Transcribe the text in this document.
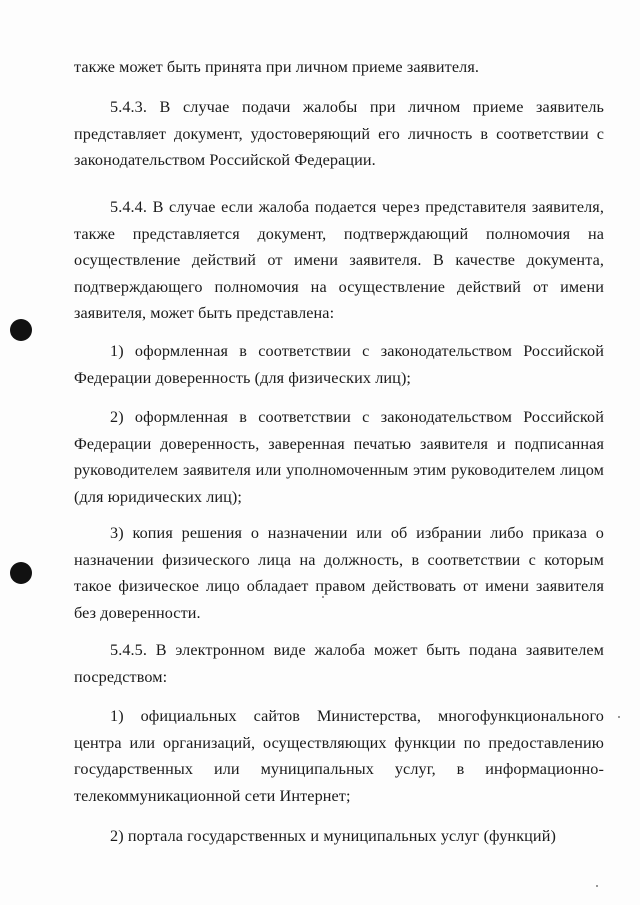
также может быть принята при личном приеме заявителя.

5.4.3. В случае подачи жалобы при личном приеме заявитель представляет документ, удостоверяющий его личность в соответствии с законодательством Российской Федерации.

5.4.4. В случае если жалоба подается через представителя заявителя, также представляется документ, подтверждающий полномочия на осуществление действий от имени заявителя. В качестве документа, подтверждающего полномочия на осуществление действий от имени заявителя, может быть представлена:

1) оформленная в соответствии с законодательством Российской Федерации доверенность (для физических лиц);

2) оформленная в соответствии с законодательством Российской Федерации доверенность, заверенная печатью заявителя и подписанная руководителем заявителя или уполномоченным этим руководителем лицом (для юридических лиц);

3) копия решения о назначении или об избрании либо приказа о назначении физического лица на должность, в соответствии с которым такое физическое лицо обладает правом действовать от имени заявителя без доверенности.

5.4.5. В электронном виде жалоба может быть подана заявителем посредством:

1) официальных сайтов Министерства, многофункционального центра или организаций, осуществляющих функции по предоставлению государственных или муниципальных услуг, в информационно-телекоммуникационной сети Интернет;

2) портала государственных и муниципальных услуг (функций)
